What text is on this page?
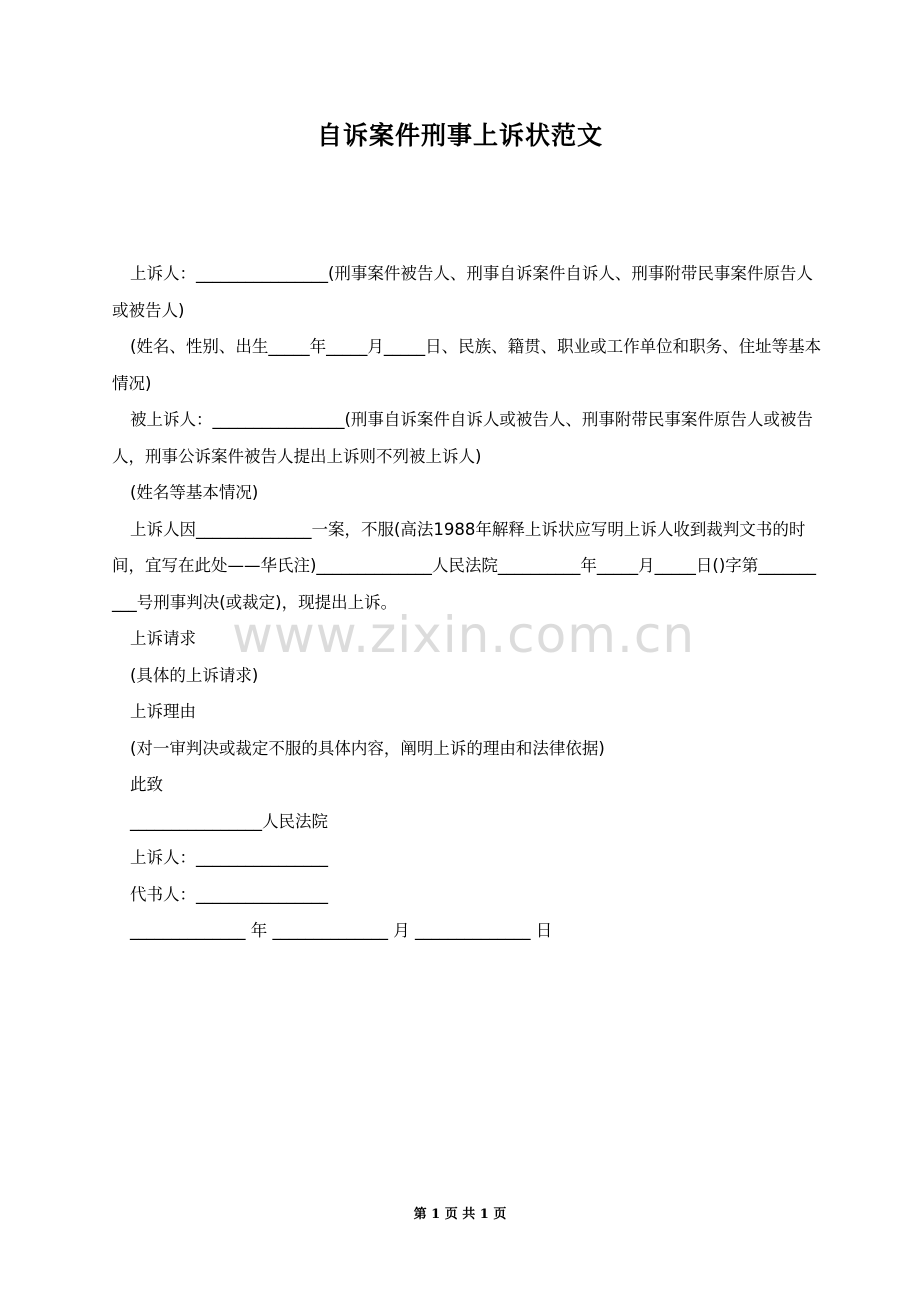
自诉案件刑事上诉状范文
www.zixin.com.cn

上诉人：________________(刑事案件被告人、刑事自诉案件自诉人、刑事附带民事案件原告人或被告人)

(姓名、性别、出生_____年_____月_____日、民族、籍贯、职业或工作单位和职务、住址等基本情况)

被上诉人：________________(刑事自诉案件自诉人或被告人、刑事附带民事案件原告人或被告人，刑事公诉案件被告人提出上诉则不列被上诉人)

(姓名等基本情况)

上诉人因______________一案，不服(高法1988年解释上诉状应写明上诉人收到裁判文书的时间，宜写在此处——华氏注)______________人民法院__________年_____月_____日()字第__________号刑事判决(或裁定)，现提出上诉。

上诉请求

(具体的上诉请求)

上诉理由

(对一审判决或裁定不服的具体内容，阐明上诉的理由和法律依据)

此致

________________人民法院

上诉人：________________

代书人：________________

______________ 年 ______________ 月 ______________ 日

第 1 页 共 1 页
